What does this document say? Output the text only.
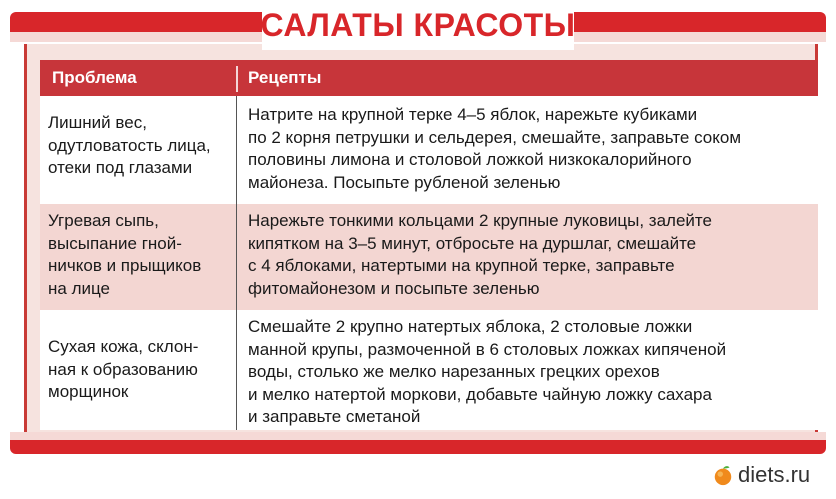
САЛАТЫ КРАСОТЫ
Проблема	Рецепты
Лишний вес,
одутловатость лица,
отеки под глазами
Натрите на крупной терке 4–5 яблок, нарежьте кубиками
по 2 корня петрушки и сельдерея, смешайте, заправьте соком
половины лимона и столовой ложкой низкокалорийного
майонеза. Посыпьте рубленой зеленью
Угревая сыпь,
высыпание гной-
ничков и прыщиков
на лице
Нарежьте тонкими кольцами 2 крупные луковицы, залейте
кипятком на 3–5 минут, отбросьте на дуршлаг, смешайте
с 4 яблоками, натертыми на крупной терке, заправьте
фитомайонезом и посыпьте зеленью
Сухая кожа, склон-
ная к образованию
морщинок
Смешайте 2 крупно натертых яблока, 2 столовые ложки
манной крупы, размоченной в 6 столовых ложках кипяченой
воды, столько же мелко нарезанных грецких орехов
и мелко натертой моркови, добавьте чайную ложку сахара
и заправьте сметаной
diets.ru
